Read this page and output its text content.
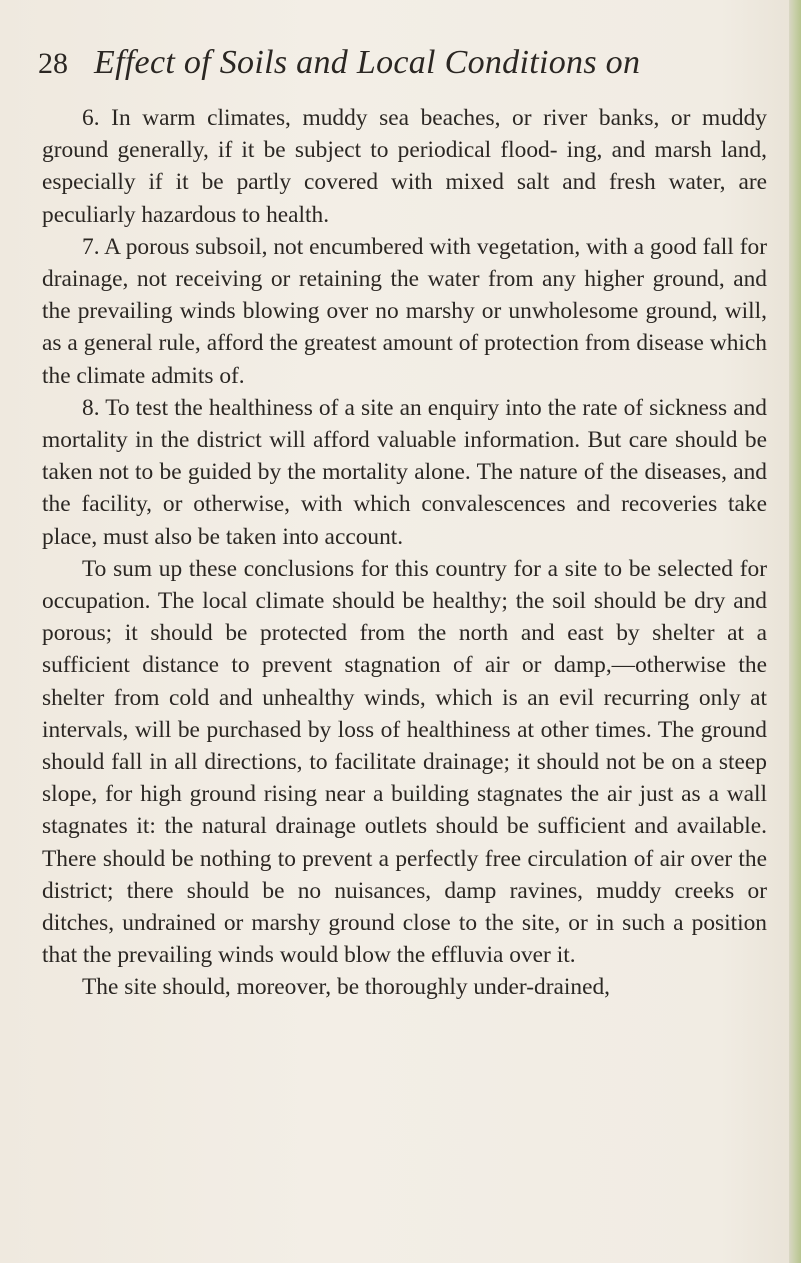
28 Effect of Soils and Local Conditions on

6. In warm climates, muddy sea beaches, or river banks, or muddy ground generally, if it be subject to periodical flood- ing, and marsh land, especially if it be partly covered with mixed salt and fresh water, are peculiarly hazardous to health.

7. A porous subsoil, not encumbered with vegetation, with a good fall for drainage, not receiving or retaining the water from any higher ground, and the prevailing winds blowing over no marshy or unwholesome ground, will, as a general rule, afford the greatest amount of protection from disease which the climate admits of.

8. To test the healthiness of a site an enquiry into the rate of sickness and mortality in the district will afford valuable information. But care should be taken not to be guided by the mortality alone. The nature of the diseases, and the facility, or otherwise, with which convalescences and recoveries take place, must also be taken into account.

To sum up these conclusions for this country for a site to be selected for occupation. The local climate should be healthy; the soil should be dry and porous; it should be protected from the north and east by shelter at a sufficient distance to prevent stagnation of air or damp,—otherwise the shelter from cold and unhealthy winds, which is an evil recurring only at intervals, will be purchased by loss of healthiness at other times. The ground should fall in all directions, to facilitate drainage; it should not be on a steep slope, for high ground rising near a building stagnates the air just as a wall stagnates it: the natural drainage outlets should be sufficient and available. There should be nothing to prevent a perfectly free circulation of air over the district; there should be no nuisances, damp ravines, muddy creeks or ditches, undrained or marshy ground close to the site, or in such a position that the prevailing winds would blow the effluvia over it.

The site should, moreover, be thoroughly under-drained,
